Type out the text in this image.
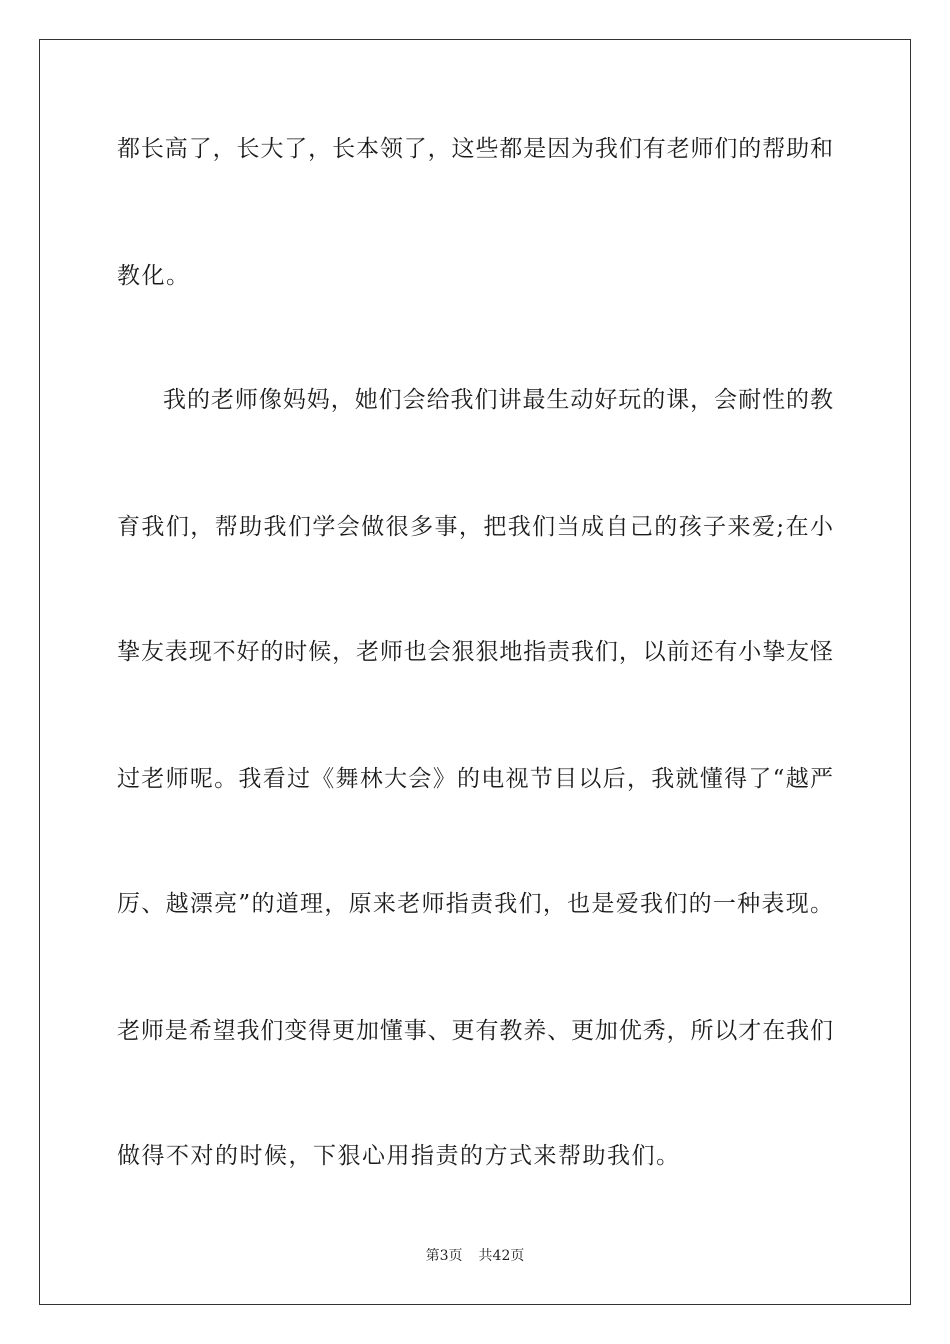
都长高了，长大了，长本领了，这些都是因为我们有老师们的帮助和
教化。
我的老师像妈妈，她们会给我们讲最生动好玩的课，会耐性的教
育我们，帮助我们学会做很多事，把我们当成自己的孩子来爱;在小
挚友表现不好的时候，老师也会狠狠地指责我们，以前还有小挚友怪
过老师呢。我看过《舞林大会》的电视节目以后，我就懂得了“越严
厉、越漂亮”的道理，原来老师指责我们，也是爱我们的一种表现。
老师是希望我们变得更加懂事、更有教养、更加优秀，所以才在我们
做得不对的时候，下狠心用指责的方式来帮助我们。
第3页 共42页
